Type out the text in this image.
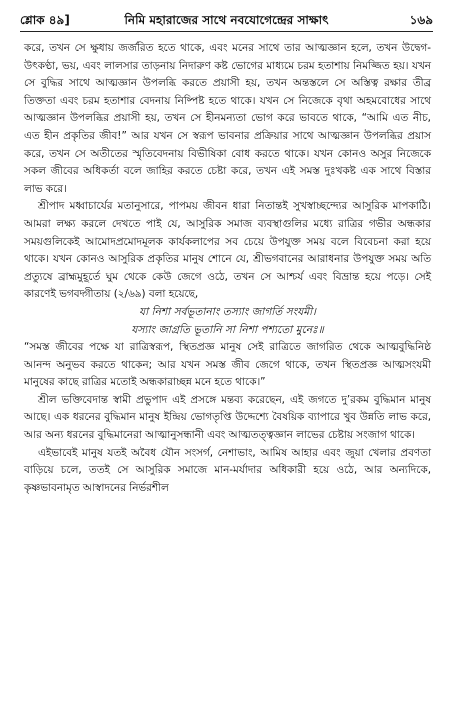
শ্লোক ৪৯]	নিমি মহারাজের সাথে নবযোগেন্দ্রের সাক্ষাৎ	১৬৯

করে, তখন সে ক্ষুধায় জর্জরিত হতে থাকে, এবং মনের সাথে তার আত্মজ্ঞান হলে, তখন উদ্বেগ-উৎকণ্ঠা, ভয়, এবং লালসার তাড়নায় নিদারুণ কষ্ট ভোগের মাধ্যমে চরম হতাশায় নিমজ্জিত হয়। যখন সে বুদ্ধির সাথে আত্মজ্ঞান উপলব্ধি করতে প্রয়াসী হয়, তখন অন্তস্তলে সে অস্তিত্ব রক্ষার তীব্র তিক্ততা এবং চরম হতাশার বেদনায় নিষ্পিষ্ট হতে থাকে। যখন সে নিজেকে বৃথা অহমবোধের সাথে আত্মজ্ঞান উপলব্ধির প্রয়াসী হয়, তখন সে হীনমন্যতা ভোগ করে ভাবতে থাকে, “আমি এত নীচ, এত হীন প্রকৃতির জীব!” আর যখন সে স্বরূপ ভাবনার প্রক্রিয়ার সাথে আত্মজ্ঞান উপলব্ধির প্রয়াস করে, তখন সে অতীতের স্মৃতিবেদনায় বিভীষিকা বোধ করতে থাকে। যখন কোনও অসুর নিজেকে সকল জীবের অধিকর্তা বলে জাহির করতে চেষ্টা করে, তখন এই সমস্ত দুঃখকষ্ট এক সাথে বিস্তার লাভ করে।

শ্রীপাদ মধ্বাচার্যের মতানুসারে, পাপময় জীবন ধারা নিতান্তই সুখস্বাচ্ছন্দ্যের আসুরিক মাপকাঠি। আমরা লক্ষ্য করলে দেখতে পাই যে, আসুরিক সমাজ ব্যবস্থাগুলির মধ্যে রাত্রির গভীর অন্ধকার সময়গুলিকেই আমোদপ্রমোদমূলক কার্যকলাপের সব চেয়ে উপযুক্ত সময় বলে বিবেচনা করা হয়ে থাকে। যখন কোনও আসুরিক প্রকৃতির মানুষ শোনে যে, শ্রীভগবানের আরাধনার উপযুক্ত সময় অতি প্রত্যুষে ব্রাহ্মমুহূর্তে ঘুম থেকে কেউ জেগে ওঠে, তখন সে আশ্চর্য এবং বিভ্রান্ত হয়ে পড়ে। সেই কারণেই ভগবদ্গীতায় (২/৬৯) বলা হয়েছে,

যা নিশা সর্বভূতানাং তস্যাং জাগর্তি সংযমী।

যস্যাং জাগ্রতি ভূতানি সা নিশা পশ্যতো মুনেঃ॥

“সমস্ত জীবের পক্ষে যা রাত্রিস্বরূপ, স্থিতপ্রজ্ঞ মানুষ সেই রাত্রিতে জাগরিত থেকে আত্মবুদ্ধিনিষ্ঠ আনন্দ অনুভব করতে থাকেন; আর যখন সমস্ত জীব জেগে থাকে, তখন স্থিতপ্রজ্ঞ আত্মসংযমী মানুষের কাছে রাত্রির মতোই অন্ধকারাচ্ছন্ন মনে হতে থাকে।”

শ্রীল ভক্তিবেদান্ত স্বামী প্রভুপাদ এই প্রসঙ্গে মন্তব্য করেছেন, এই জগতে দু’রকম বুদ্ধিমান মানুষ আছে। এক ধরনের বুদ্ধিমান মানুষ ইন্দ্রিয় ভোগতৃপ্তি উদ্দেশ্যে বৈষয়িক ব্যাপারে খুব উন্নতি লাভ করে, আর অন্য ধরনের বুদ্ধিমানেরা আত্মানুসন্ধানী এবং আত্মতত্ত্বজ্ঞান লাভের চেষ্টায় সংজাগ থাকে।

এইভাবেই মানুষ যতই অবৈধ যৌন সংসর্গ, নেশাভাং, আমিষ আহার এবং জুয়া খেলার প্রবণতা বাড়িয়ে চলে, ততই সে আসুরিক সমাজে মান-মর্যাদার অধিকারী হয়ে ওঠে, আর অন্যদিকে, কৃষ্ণভাবনামৃত আস্বাদনের নির্ভরশীল
